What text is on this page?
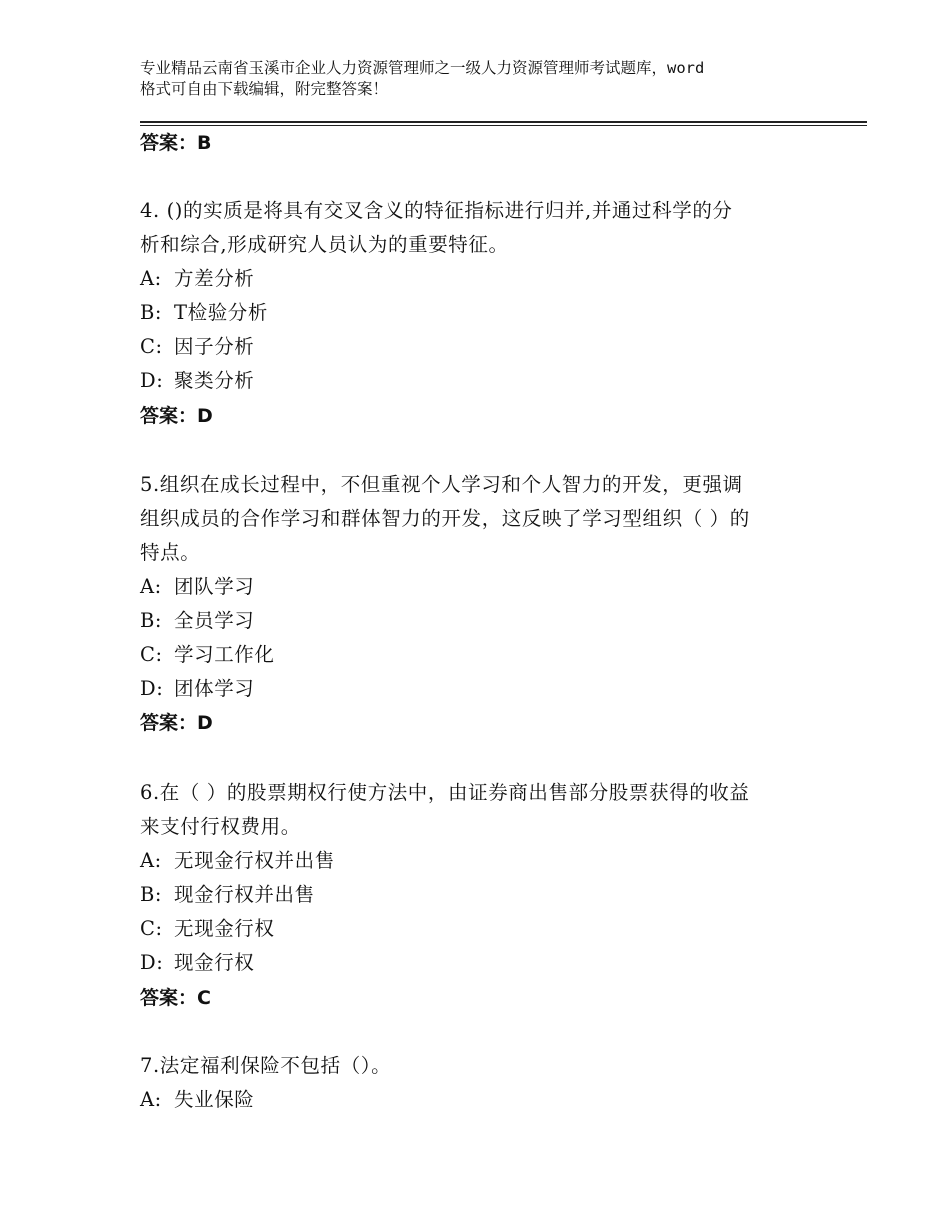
专业精品云南省玉溪市企业人力资源管理师之一级人力资源管理师考试题库，word
格式可自由下载编辑，附完整答案！
答案：B
4. ()的实质是将具有交叉含义的特征指标进行归并,并通过科学的分
析和综合,形成研究人员认为的重要特征。
A: 方差分析
B: T检验分析
C: 因子分析
D: 聚类分析
答案：D
5.组织在成长过程中，不但重视个人学习和个人智力的开发，更强调
组织成员的合作学习和群体智力的开发，这反映了学习型组织（ ）的
特点。
A: 团队学习
B: 全员学习
C: 学习工作化
D: 团体学习
答案：D
6.在（ ）的股票期权行使方法中，由证券商出售部分股票获得的收益
来支付行权费用。
A: 无现金行权并出售
B: 现金行权并出售
C: 无现金行权
D: 现金行权
答案：C
7.法定福利保险不包括（）。
A: 失业保险
